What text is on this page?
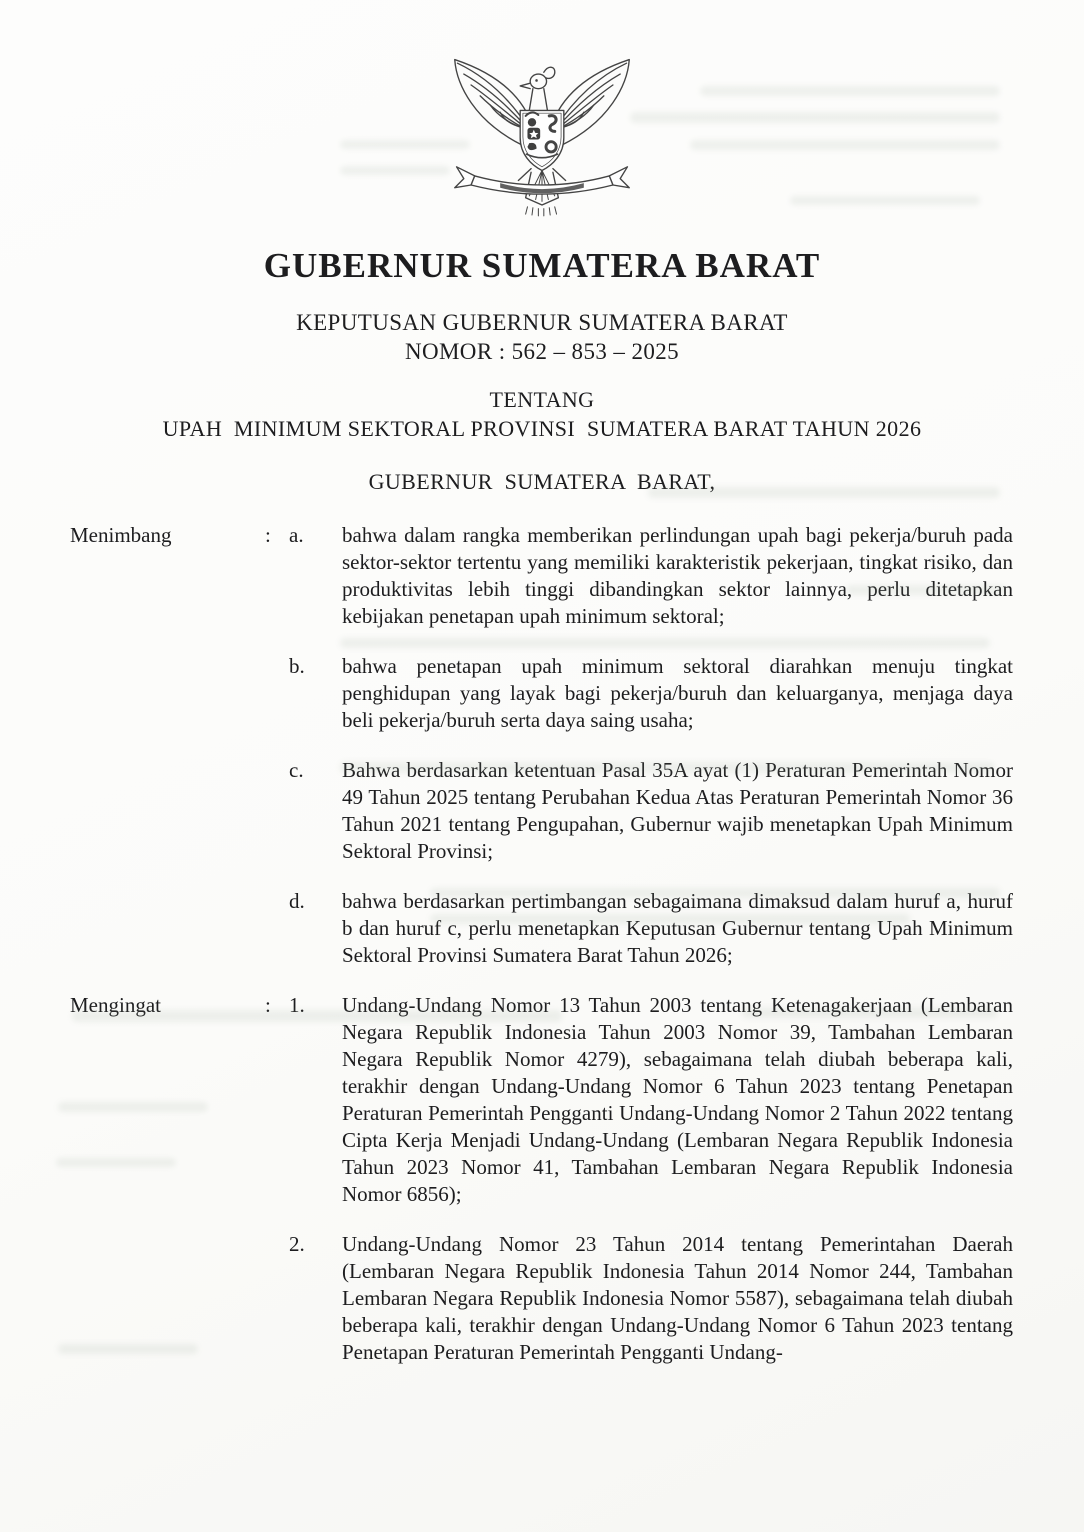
GUBERNUR SUMATERA BARAT
KEPUTUSAN GUBERNUR SUMATERA BARAT
NOMOR : 562 – 853 – 2025
TENTANG
UPAH  MINIMUM SEKTORAL PROVINSI  SUMATERA BARAT TAHUN 2026
GUBERNUR  SUMATERA  BARAT,
Menimbang	: a.	bahwa dalam rangka memberikan perlindungan upah bagi pekerja/buruh pada sektor-sektor tertentu yang memiliki karakteristik pekerjaan, tingkat risiko, dan produktivitas lebih tinggi dibandingkan sektor lainnya, perlu ditetapkan kebijakan penetapan upah minimum sektoral;

b.	bahwa penetapan upah minimum sektoral diarahkan menuju tingkat penghidupan yang layak bagi pekerja/buruh dan keluarganya, menjaga daya beli pekerja/buruh serta daya saing usaha;

c.	Bahwa berdasarkan ketentuan Pasal 35A ayat (1) Peraturan Pemerintah Nomor 49 Tahun 2025 tentang Perubahan Kedua Atas Peraturan Pemerintah Nomor 36 Tahun 2021 tentang Pengupahan, Gubernur wajib menetapkan Upah Minimum Sektoral Provinsi;

d.	bahwa berdasarkan pertimbangan sebagaimana dimaksud dalam huruf a, huruf b dan huruf c, perlu menetapkan Keputusan Gubernur tentang Upah Minimum Sektoral Provinsi Sumatera Barat Tahun 2026;

Mengingat	: 1.	Undang-Undang Nomor 13 Tahun 2003 tentang Ketenagakerjaan (Lembaran Negara Republik Indonesia Tahun 2003 Nomor 39, Tambahan Lembaran Negara Republik Nomor 4279), sebagaimana telah diubah beberapa kali, terakhir dengan Undang-Undang Nomor 6 Tahun 2023 tentang Penetapan Peraturan Pemerintah Pengganti Undang-Undang Nomor 2 Tahun 2022 tentang Cipta Kerja Menjadi Undang-Undang (Lembaran Negara Republik Indonesia Tahun 2023 Nomor 41, Tambahan Lembaran Negara Republik Indonesia Nomor 6856);

2.	Undang-Undang Nomor 23 Tahun 2014 tentang Pemerintahan Daerah (Lembaran Negara Republik Indonesia Tahun 2014 Nomor 244, Tambahan Lembaran Negara Republik Indonesia Nomor 5587), sebagaimana telah diubah beberapa kali, terakhir dengan Undang-Undang Nomor 6 Tahun 2023 tentang Penetapan Peraturan Pemerintah Pengganti Undang-
